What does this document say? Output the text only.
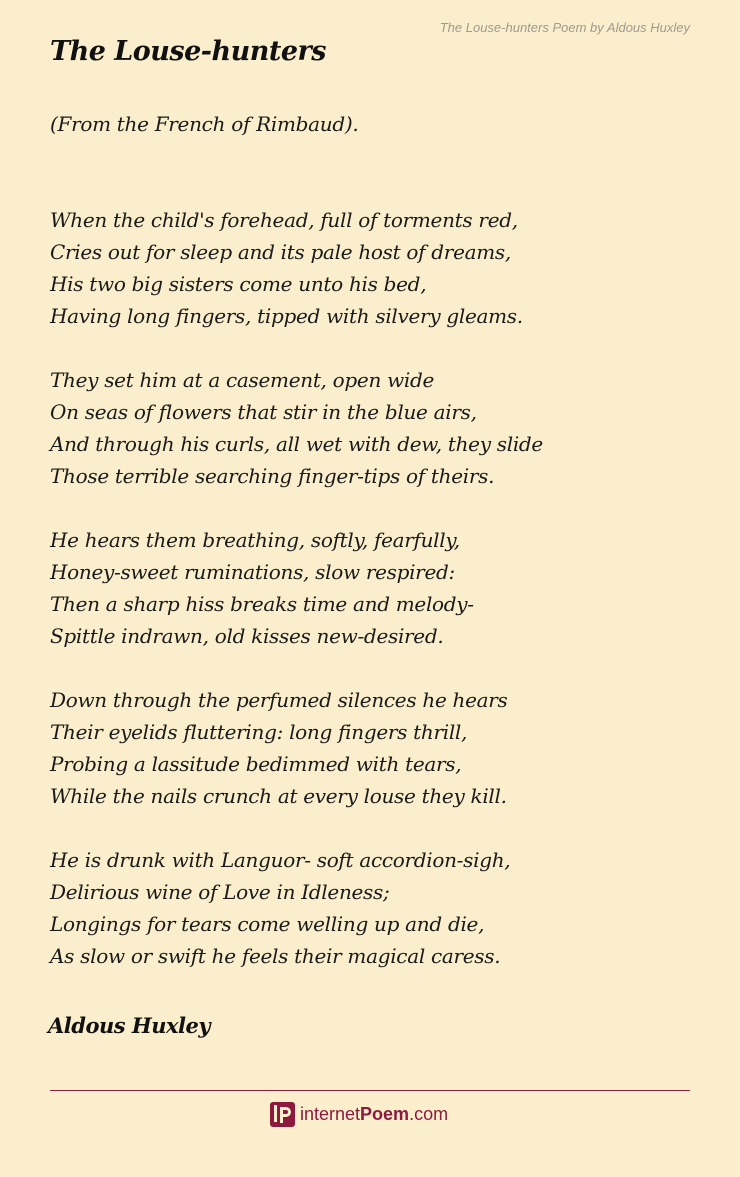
The Louse-hunters Poem by Aldous Huxley
The Louse-hunters
(From the French of Rimbaud).
When the child's forehead, full of torments red,
Cries out for sleep and its pale host of dreams,
His two big sisters come unto his bed,
Having long fingers, tipped with silvery gleams.
They set him at a casement, open wide
On seas of flowers that stir in the blue airs,
And through his curls, all wet with dew, they slide
Those terrible searching finger-tips of theirs.
He hears them breathing, softly, fearfully,
Honey-sweet ruminations, slow respired:
Then a sharp hiss breaks time and melody-
Spittle indrawn, old kisses new-desired.
Down through the perfumed silences he hears
Their eyelids fluttering: long fingers thrill,
Probing a lassitude bedimmed with tears,
While the nails crunch at every louse they kill.
He is drunk with Languor- soft accordion-sigh,
Delirious wine of Love in Idleness;
Longings for tears come welling up and die,
As slow or swift he feels their magical caress.
Aldous Huxley
internetPoem.com
